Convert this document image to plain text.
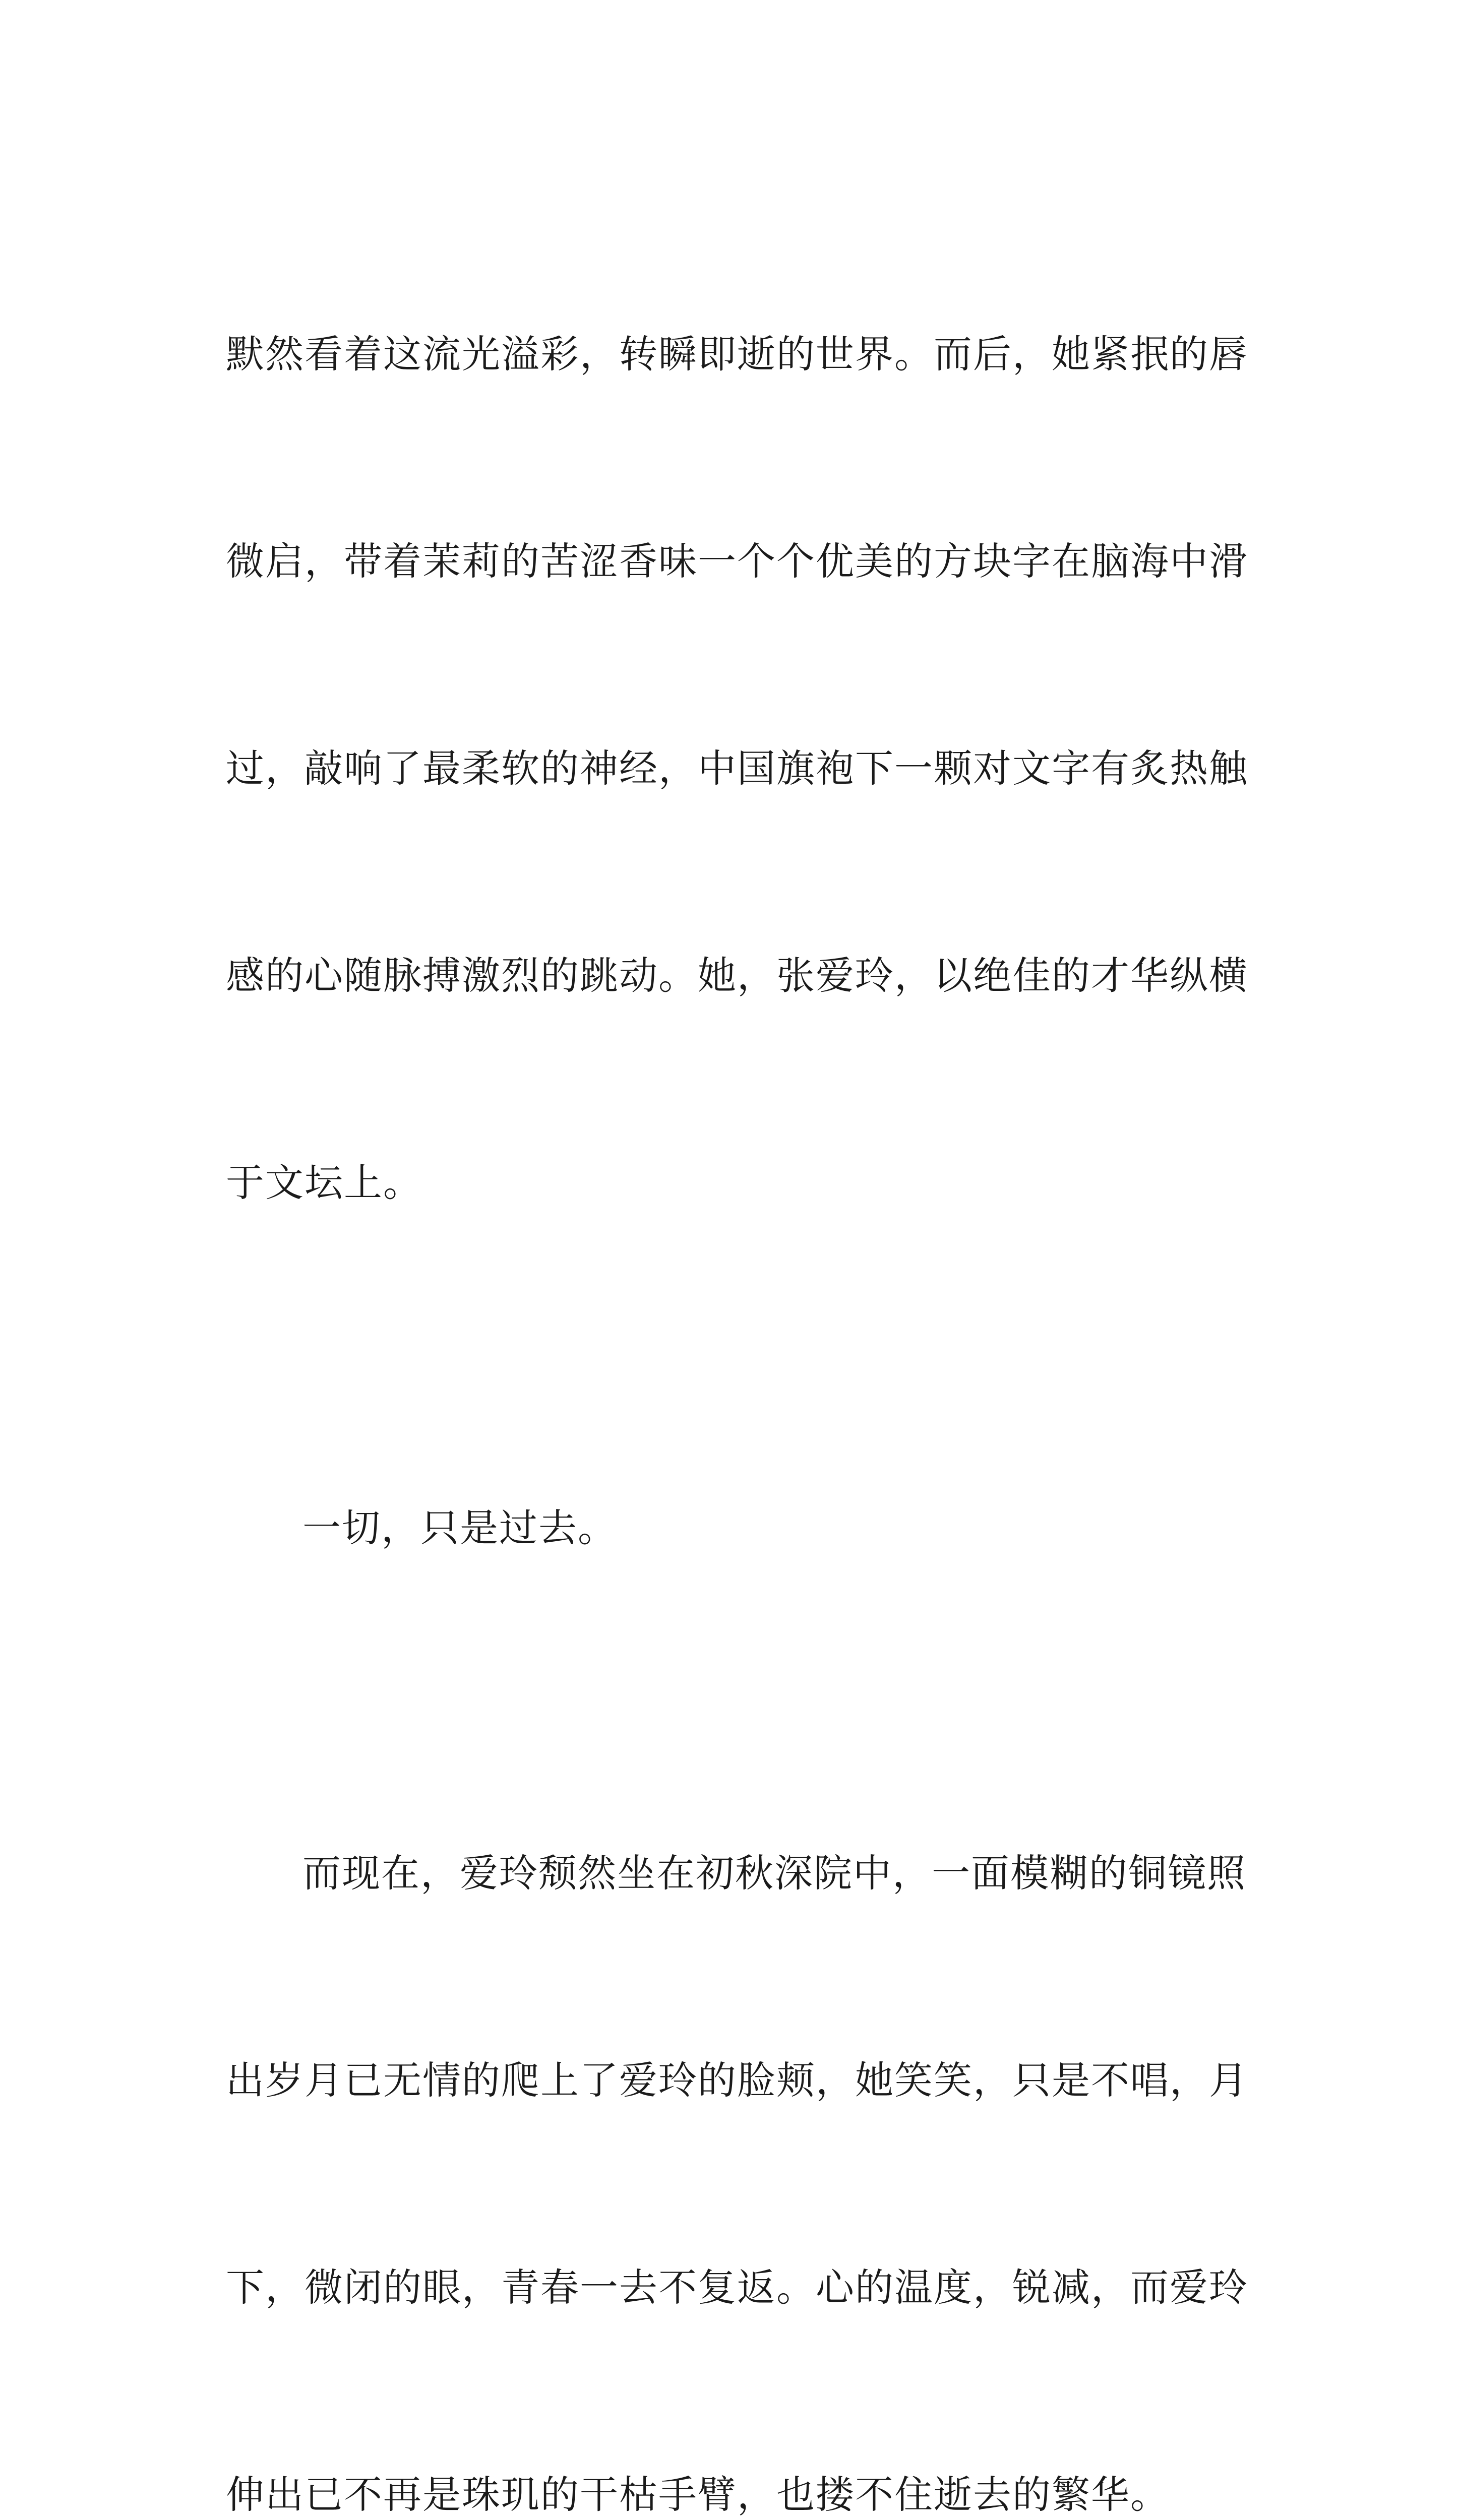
默然看着这流光溢彩，转瞬即逝的世界。而后，她紧抿的唇

微启，带着茉莉的苦涩香味一个个优美的方块字在脑海中滑

过，敲响了最柔软的神经，中国旗袍下一颗对文字有炙热触

感的心随脉搏激烈的跳动。她，张爱玲，以绝佳的才华纵横

于文坛上。

一切，只是过去。

而现在，爱玲颓然坐在初秋深院中，一面模糊的铜镜照

出岁月已无情的爬上了爱玲的脸颊，她笑笑，只是不唱，月

下，微闭的眼，青春一去不复返。心的温度，锐减，而爱玲

伸出已不再是珠玑的干枯手臂，也搂不住逝去的繁华。
